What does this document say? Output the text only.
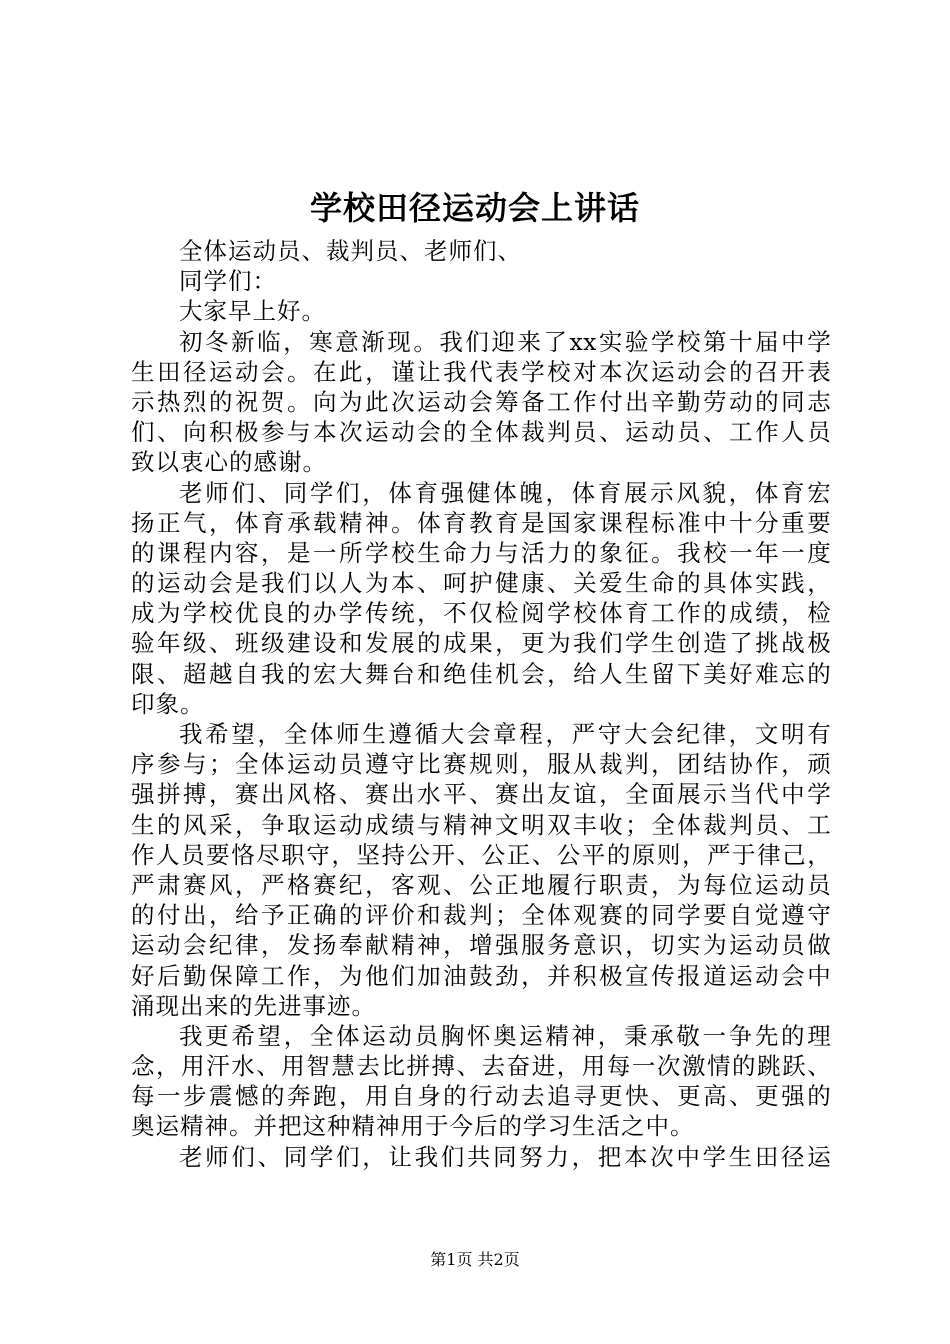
学校田径运动会上讲话
全体运动员、裁判员、老师们、
同学们：
大家早上好。
初冬新临，寒意渐现。我们迎来了xx实验学校第十届中学
生田径运动会。在此，谨让我代表学校对本次运动会的召开表
示热烈的祝贺。向为此次运动会筹备工作付出辛勤劳动的同志
们、向积极参与本次运动会的全体裁判员、运动员、工作人员
致以衷心的感谢。
老师们、同学们，体育强健体魄，体育展示风貌，体育宏
扬正气，体育承载精神。体育教育是国家课程标准中十分重要
的课程内容，是一所学校生命力与活力的象征。我校一年一度
的运动会是我们以人为本、呵护健康、关爱生命的具体实践，
成为学校优良的办学传统，不仅检阅学校体育工作的成绩，检
验年级、班级建设和发展的成果，更为我们学生创造了挑战极
限、超越自我的宏大舞台和绝佳机会，给人生留下美好难忘的
印象。
我希望，全体师生遵循大会章程，严守大会纪律，文明有
序参与；全体运动员遵守比赛规则，服从裁判，团结协作，顽
强拼搏，赛出风格、赛出水平、赛出友谊，全面展示当代中学
生的风采，争取运动成绩与精神文明双丰收；全体裁判员、工
作人员要恪尽职守，坚持公开、公正、公平的原则，严于律己，
严肃赛风，严格赛纪，客观、公正地履行职责，为每位运动员
的付出，给予正确的评价和裁判；全体观赛的同学要自觉遵守
运动会纪律，发扬奉献精神，增强服务意识，切实为运动员做
好后勤保障工作，为他们加油鼓劲，并积极宣传报道运动会中
涌现出来的先进事迹。
我更希望，全体运动员胸怀奥运精神，秉承敬一争先的理
念，用汗水、用智慧去比拼搏、去奋进，用每一次激情的跳跃、
每一步震憾的奔跑，用自身的行动去追寻更快、更高、更强的
奥运精神。并把这种精神用于今后的学习生活之中。
老师们、同学们，让我们共同努力，把本次中学生田径运
第1页 共2页
